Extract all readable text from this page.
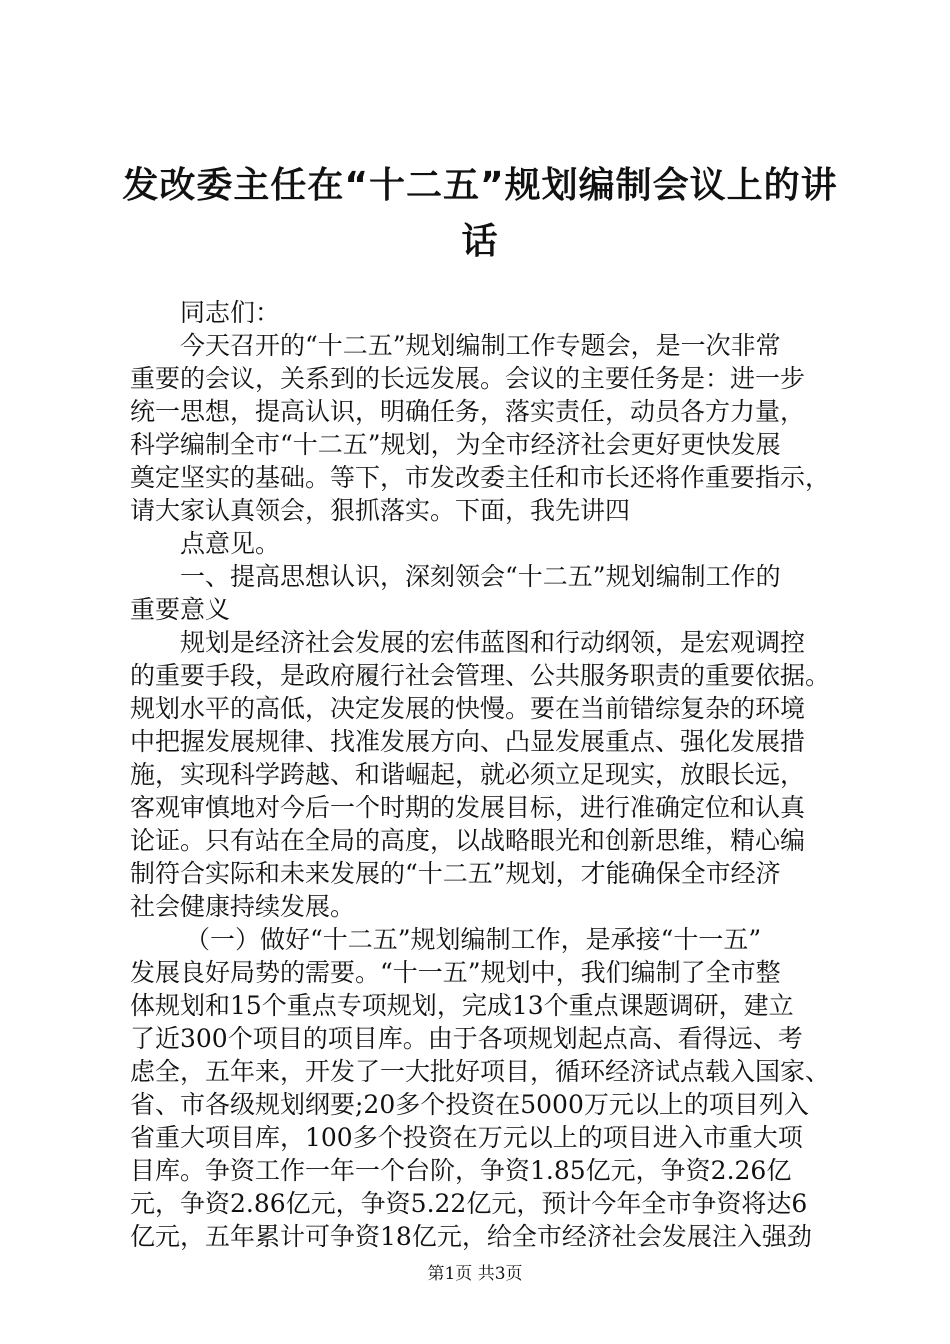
发改委主任在“十二五”规划编制会议上的讲
话

同志们：

今天召开的“十二五”规划编制工作专题会，是一次非常

重要的会议，关系到的长远发展。会议的主要任务是：进一步

统一思想，提高认识，明确任务，落实责任，动员各方力量，

科学编制全市“十二五”规划，为全市经济社会更好更快发展

奠定坚实的基础。等下，市发改委主任和市长还将作重要指示，

请大家认真领会，狠抓落实。下面，我先讲四

点意见。

一、提高思想认识，深刻领会“十二五”规划编制工作的

重要意义

规划是经济社会发展的宏伟蓝图和行动纲领，是宏观调控

的重要手段，是政府履行社会管理、公共服务职责的重要依据。

规划水平的高低，决定发展的快慢。要在当前错综复杂的环境

中把握发展规律、找准发展方向、凸显发展重点、强化发展措

施，实现科学跨越、和谐崛起，就必须立足现实，放眼长远，

客观审慎地对今后一个时期的发展目标，进行准确定位和认真

论证。只有站在全局的高度，以战略眼光和创新思维，精心编

制符合实际和未来发展的“十二五”规划，才能确保全市经济

社会健康持续发展。

（一）做好“十二五”规划编制工作，是承接“十一五”

发展良好局势的需要。“十一五”规划中，我们编制了全市整

体规划和15个重点专项规划，完成13个重点课题调研，建立

了近300个项目的项目库。由于各项规划起点高、看得远、考

虑全，五年来，开发了一大批好项目，循环经济试点载入国家、

省、市各级规划纲要;20多个投资在5000万元以上的项目列入

省重大项目库，100多个投资在万元以上的项目进入市重大项

目库。争资工作一年一个台阶，争资1.85亿元，争资2.26亿

元，争资2.86亿元，争资5.22亿元，预计今年全市争资将达6

亿元，五年累计可争资18亿元，给全市经济社会发展注入强劲

第1页 共3页
